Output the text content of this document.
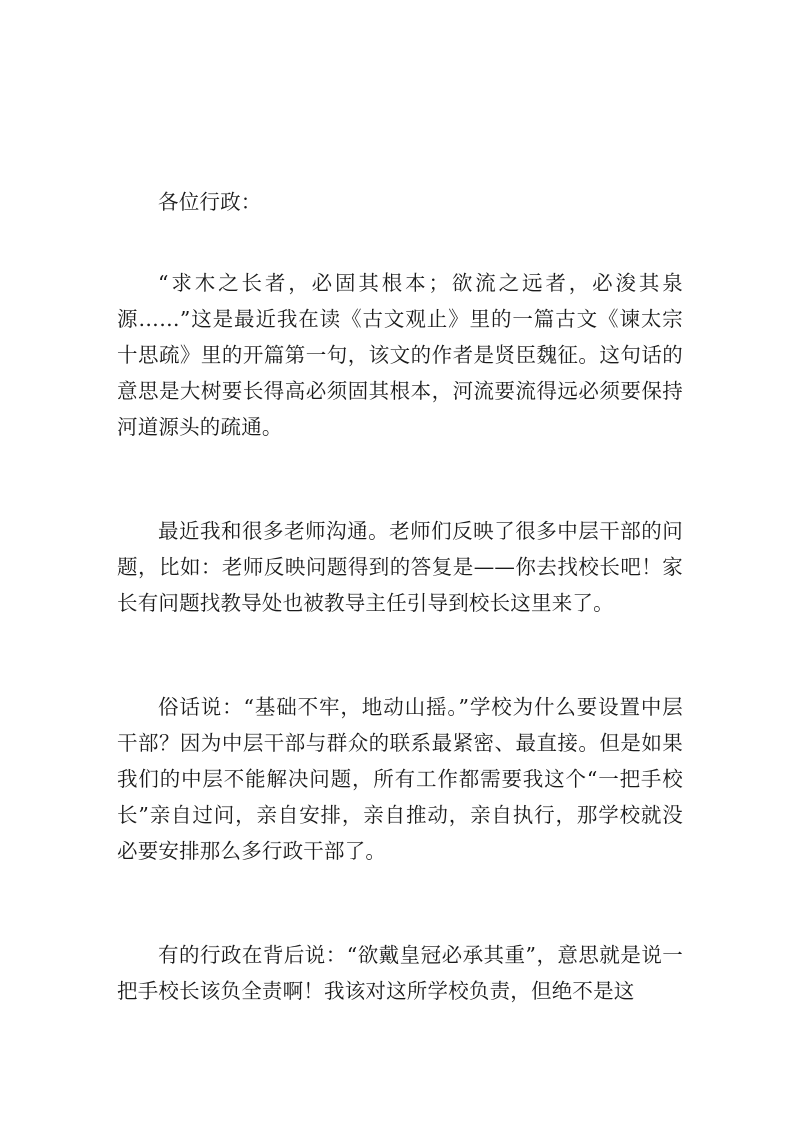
各位行政：
“求木之长者，必固其根本；欲流之远者，必浚其泉源……”这是最近我在读《古文观止》里的一篇古文《谏太宗十思疏》里的开篇第一句，该文的作者是贤臣魏征。这句话的意思是大树要长得高必须固其根本，河流要流得远必须要保持河道源头的疏通。
最近我和很多老师沟通。老师们反映了很多中层干部的问题，比如：老师反映问题得到的答复是——你去找校长吧！家长有问题找教导处也被教导主任引导到校长这里来了。
俗话说：“基础不牢，地动山摇。”学校为什么要设置中层干部？因为中层干部与群众的联系最紧密、最直接。但是如果我们的中层不能解决问题，所有工作都需要我这个“一把手校长”亲自过问，亲自安排，亲自推动，亲自执行，那学校就没必要安排那么多行政干部了。
有的行政在背后说：“欲戴皇冠必承其重”，意思就是说一把手校长该负全责啊！我该对这所学校负责，但绝不是这
